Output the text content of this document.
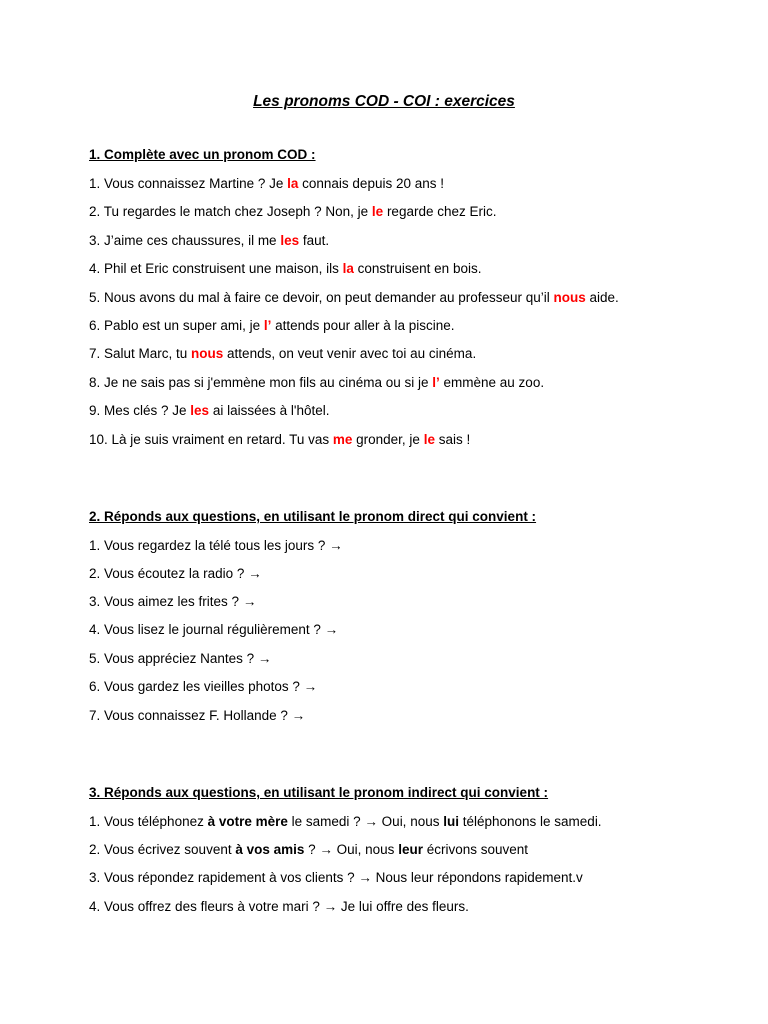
Les pronoms COD - COI : exercices
1. Complète avec un pronom COD :
1. Vous connaissez Martine ? Je la connais depuis 20 ans !
2. Tu regardes le match chez Joseph ? Non, je le regarde chez Eric.
3. J’aime ces chaussures, il me les faut.
4. Phil et Eric construisent une maison, ils la construisent en bois.
5. Nous avons du mal à faire ce devoir, on peut demander au professeur qu’il nous aide.
6. Pablo est un super ami, je l’ attends pour aller à la piscine.
7. Salut Marc, tu nous attends, on veut venir avec toi au cinéma.
8. Je ne sais pas si j'emmène mon fils au cinéma ou si je l’ emmène au zoo.
9. Mes clés ? Je les ai laissées à l'hôtel.
10. Là je suis vraiment en retard. Tu vas me gronder, je le sais !
2. Réponds aux questions, en utilisant le pronom direct qui convient :
1. Vous regardez la télé tous les jours ? →
2. Vous écoutez la radio ? →
3. Vous aimez les frites ? →
4. Vous lisez le journal régulièrement ? →
5. Vous appréciez Nantes ? →
6. Vous gardez les vieilles photos ? →
7. Vous connaissez F. Hollande ? →
3. Réponds aux questions, en utilisant le pronom indirect qui convient :
1. Vous téléphonez à votre mère le samedi ? → Oui, nous lui téléphonons le samedi.
2. Vous écrivez souvent à vos amis ? → Oui, nous leur écrivons souvent
3. Vous répondez rapidement à vos clients ? → Nous leur répondons rapidement.v
4. Vous offrez des fleurs à votre mari ? → Je lui offre des fleurs.
